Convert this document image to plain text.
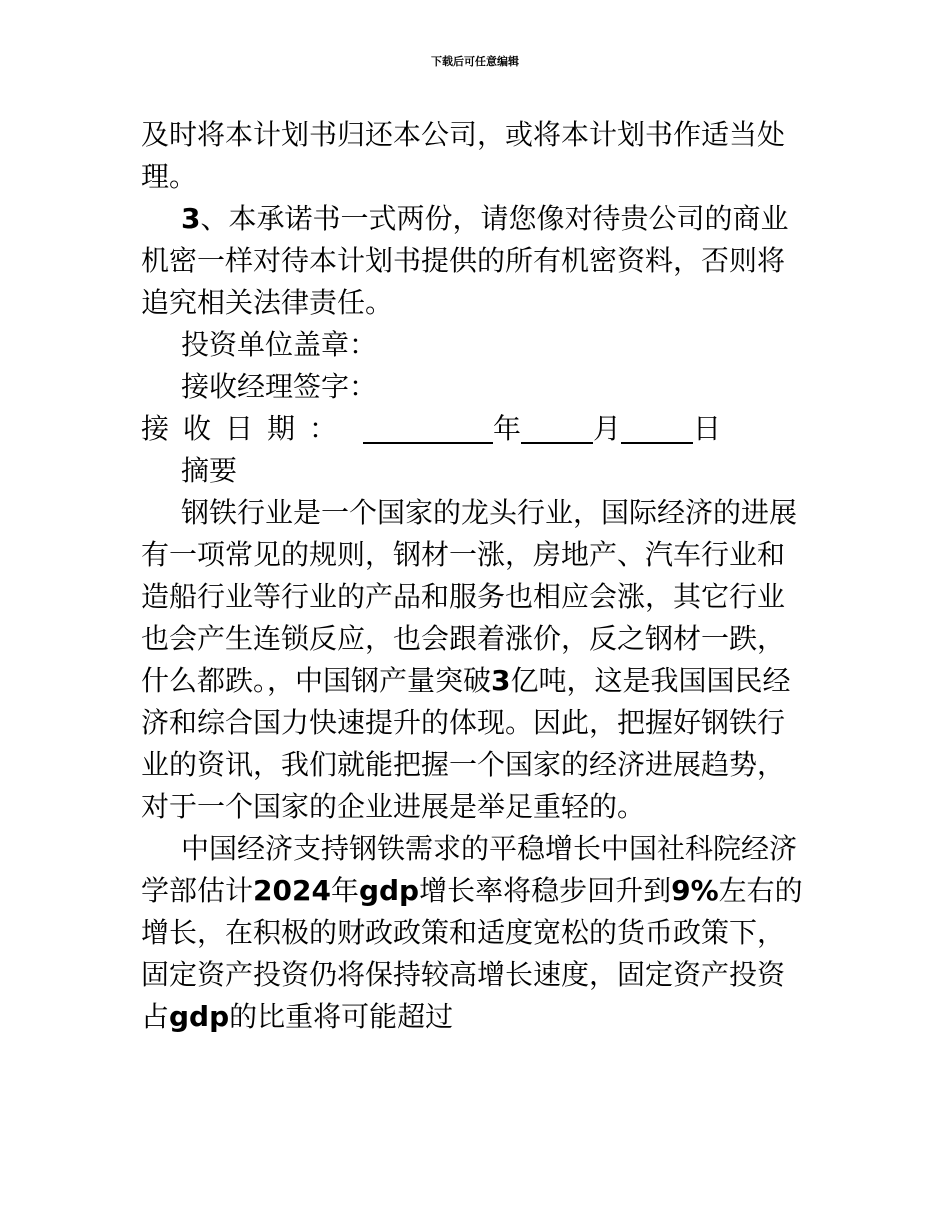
下载后可任意编辑

及时将本计划书归还本公司，或将本计划书作适当处理。

3、本承诺书一式两份，请您像对待贵公司的商业机密一样对待本计划书提供的所有机密资料，否则将追究相关法律责任。

投资单位盖章：

接收经理签字：

接收日期：	年	月	日

摘要

钢铁行业是一个国家的龙头行业，国际经济的进展有一项常见的规则，钢材一涨，房地产、汽车行业和造船行业等行业的产品和服务也相应会涨，其它行业也会产生连锁反应，也会跟着涨价，反之钢材一跌，什么都跌。，中国钢产量突破3亿吨，这是我国国民经济和综合国力快速提升的体现。因此，把握好钢铁行业的资讯，我们就能把握一个国家的经济进展趋势，对于一个国家的企业进展是举足重轻的。

中国经济支持钢铁需求的平稳增长中国社科院经济学部估计2024年gdp增长率将稳步回升到9%左右的增长，在积极的财政政策和适度宽松的货币政策下，固定资产投资仍将保持较高增长速度，固定资产投资占gdp的比重将可能超过
